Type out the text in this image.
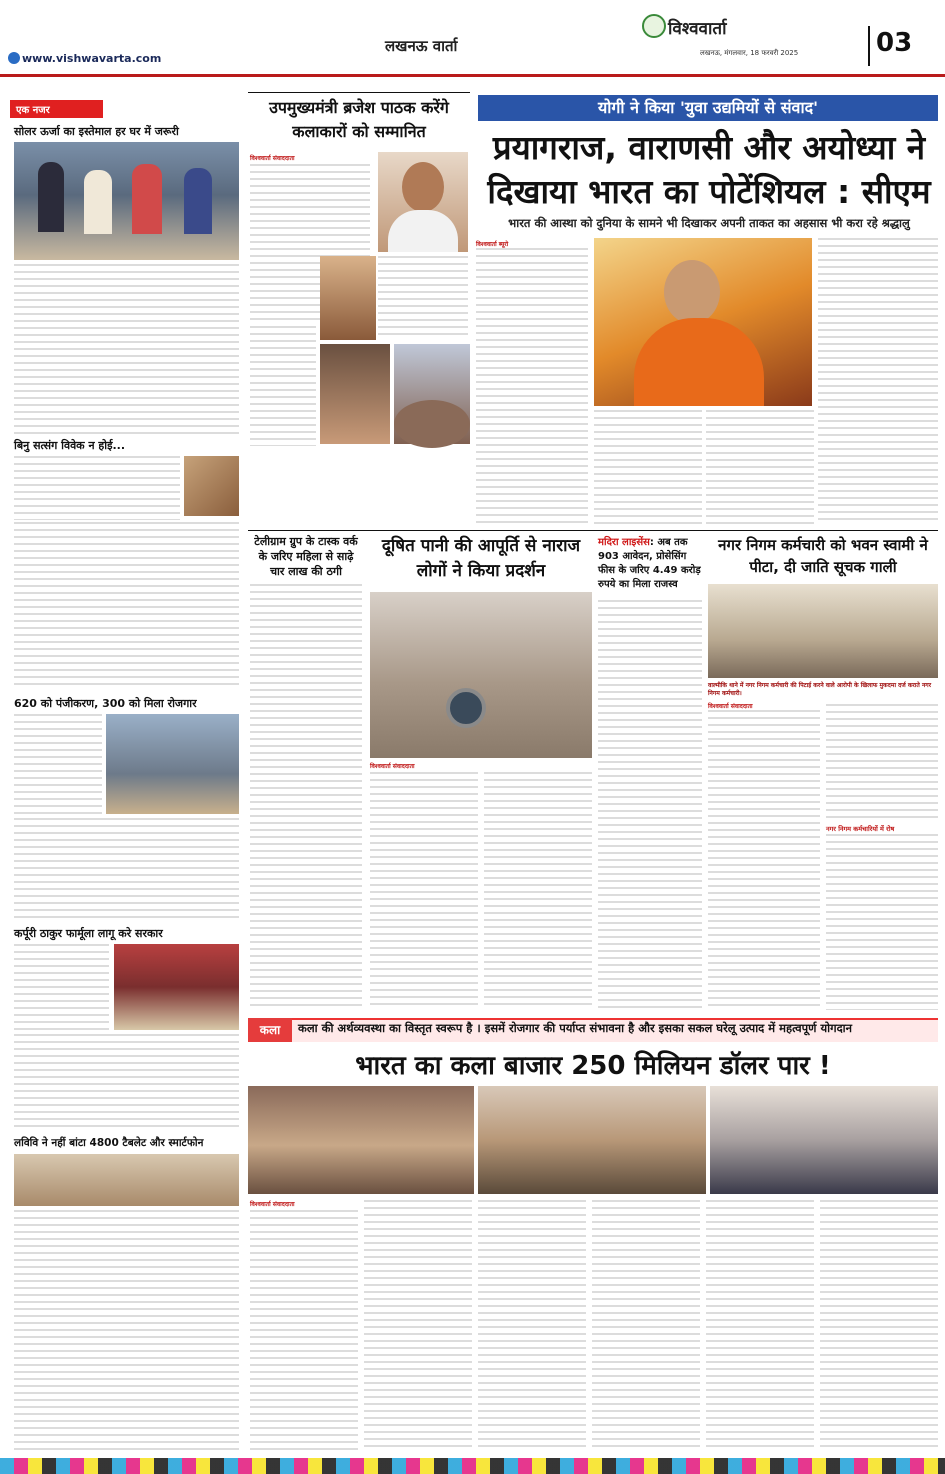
www.vishwavarta.com
लखनऊ वार्ता
विश्ववार्ता
लखनऊ, मंगलवार, 18 फरवरी 2025	03
एक नजर
सोलर ऊर्जा का इस्तेमाल हर घर में जरूरी
बिनु सत्संग विवेक न होई...
620 को पंजीकरण, 300 को मिला रोजगार
कर्पूरी ठाकुर फार्मूला लागू करे सरकार
लविवि ने नहीं बांटा 4800 टैबलेट और स्मार्टफोन
उपमुख्यमंत्री ब्रजेश पाठक करेंगे कलाकारों को सम्मानित
विश्ववार्ता संवाददाता
योगी ने किया 'युवा उद्यमियों से संवाद'
प्रयागराज, वाराणसी और अयोध्या ने दिखाया भारत का पोटेंशियल : सीएम
भारत की आस्था को दुनिया के सामने भी दिखाकर अपनी ताकत का अहसास भी करा रहे श्रद्धालु
विश्ववार्ता ब्यूरो
टेलीग्राम ग्रुप के टास्क वर्क के जरिए महिला से साढ़े चार लाख की ठगी
दूषित पानी की आपूर्ति से नाराज लोगों ने किया प्रदर्शन
विश्ववार्ता संवाददाता
मदिरा लाइसेंस: अब तक 903 आवेदन, प्रोसेसिंग फीस के जरिए 4.49 करोड़ रुपये का मिला राजस्व
नगर निगम कर्मचारी को भवन स्वामी ने पीटा, दी जाति सूचक गाली
वाल्मीकि थाने में नगर निगम कर्मचारी की पिटाई करने वाले आरोपी के खिलाफ मुकदमा दर्ज कराते नगर निगम कर्मचारी।
विश्ववार्ता संवाददाता
नगर निगम कर्मचारियों में रोष
कला	कला की अर्थव्यवस्था का विस्तृत स्वरूप है । इसमें रोजगार की पर्याप्त संभावना है और इसका सकल घरेलू उत्पाद में महत्वपूर्ण योगदान
भारत का कला बाजार 250 मिलियन डॉलर पार !
विश्ववार्ता संवाददाता
